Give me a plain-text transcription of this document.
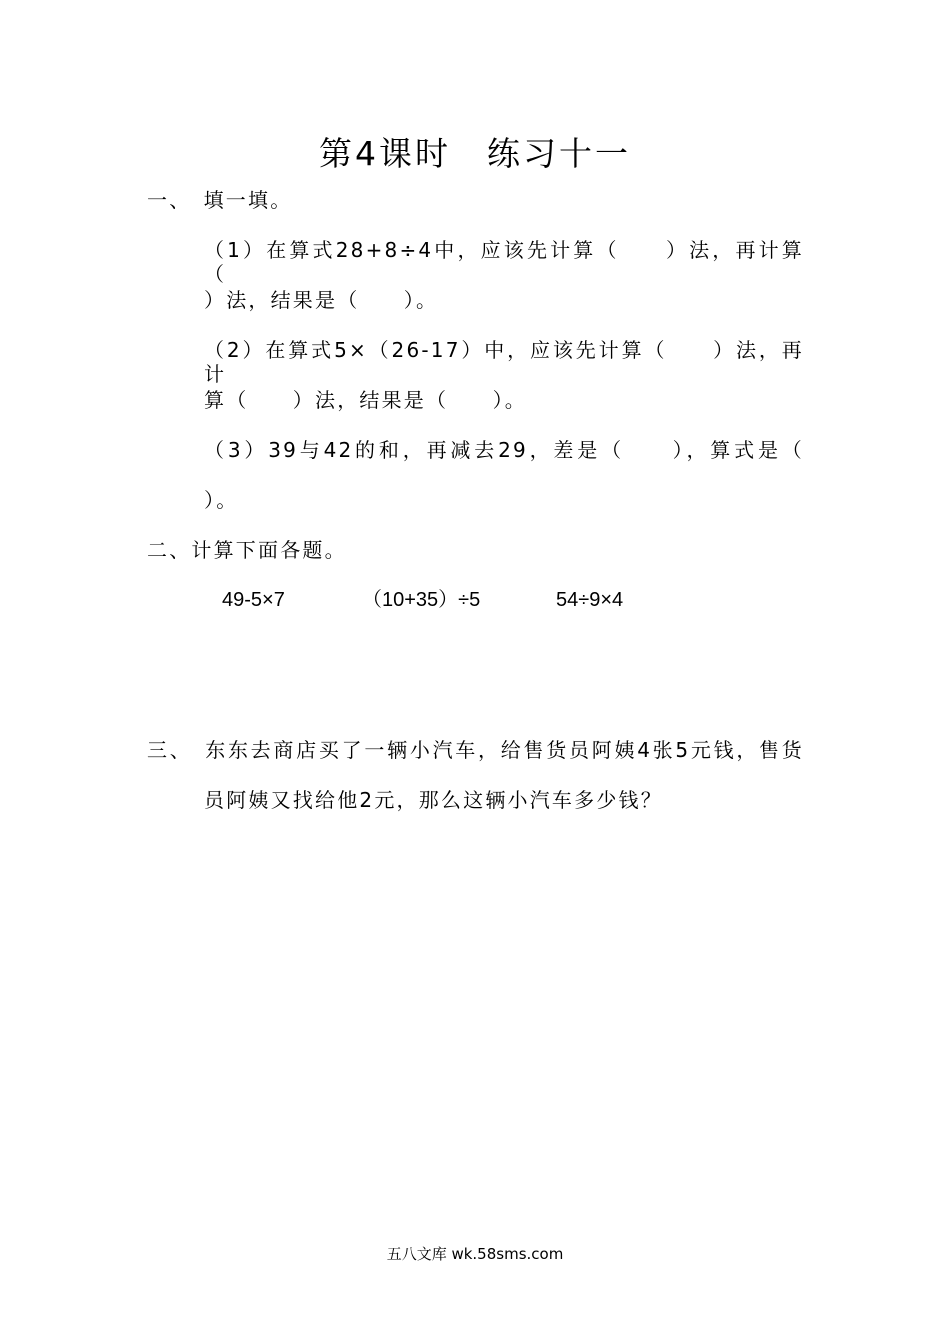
第4课时　练习十一
一、　填一填。
（1）在算式28+8÷4中，应该先计算（　　）法，再计算（
）法，结果是（　　）。
（2）在算式5×（26-17）中，应该先计算（　　）法，再计
算（　　）法，结果是（　　）。
（3）39与42的和，再减去29，差是（　　），算式是（
）。
二、计算下面各题。
49-5×7	（10+35）÷5	54÷9×4
三、　东东去商店买了一辆小汽车，给售货员阿姨4张5元钱，售货
员阿姨又找给他2元，那么这辆小汽车多少钱？
五八文库 wk.58sms.com
